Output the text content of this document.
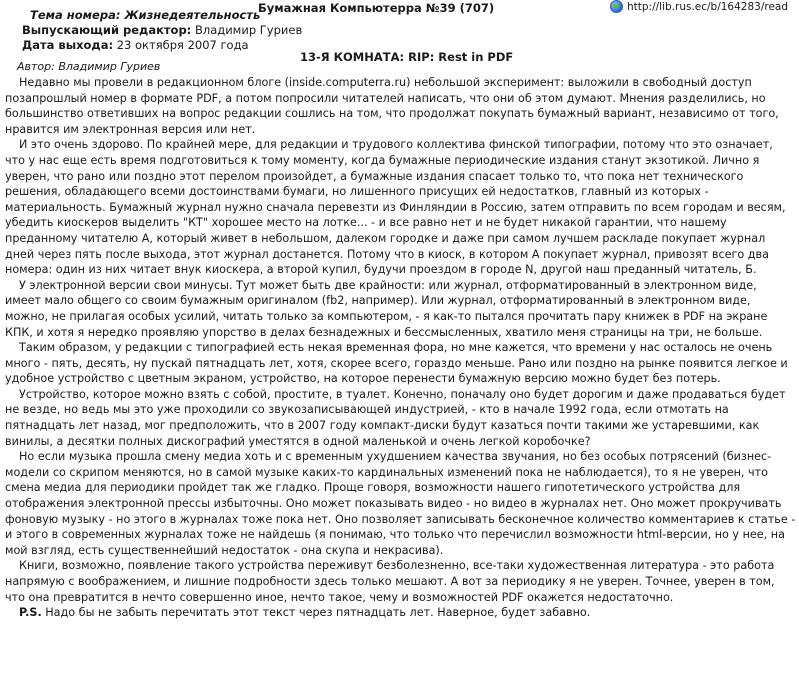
Тема номера: Жизнедеятельность
Выпускающий редактор: Владимир Гуриев
Дата выхода: 23 октября 2007 года
Бумажная Компьютерра №39 (707)	http://lib.rus.ec/b/164283/read
13-Я КОМНАТА: RIP: Rest in PDF
Автор: Владимир Гуриев

Недавно мы провели в редакционном блоге (inside.computerra.ru) небольшой эксперимент: выложили в свободный доступ позапрошлый номер в формате PDF, а потом попросили читателей написать, что они об этом думают. Мнения разделились, но большинство ответивших на вопрос редакции сошлись на том, что продолжат покупать бумажный вариант, независимо от того, нравится им электронная версия или нет.

И это очень здорово. По крайней мере, для редакции и трудового коллектива финской типографии, потому что это означает, что у нас еще есть время подготовиться к тому моменту, когда бумажные периодические издания станут экзотикой. Лично я уверен, что рано или поздно этот перелом произойдет, а бумажные издания спасает только то, что пока нет технического решения, обладающего всеми достоинствами бумаги, но лишенного присущих ей недостатков, главный из которых - материальность. Бумажный журнал нужно сначала перевезти из Финляндии в Россию, затем отправить по всем городам и весям, убедить киоскеров выделить "КТ" хорошее место на лотке... - и все равно нет и не будет никакой гарантии, что нашему преданному читателю А, который живет в небольшом, далеком городке и даже при самом лучшем раскладе покупает журнал дней через пять после выхода, этот журнал достанется. Потому что в киоск, в котором А покупает журнал, привозят всего два номера: один из них читает внук киоскера, а второй купил, будучи проездом в городе N, другой наш преданный читатель, Б.

У электронной версии свои минусы. Тут может быть две крайности: или журнал, отформатированный в электронном виде, имеет мало общего со своим бумажным оригиналом (fb2, например). Или журнал, отформатированный в электронном виде, можно, не прилагая особых усилий, читать только за компьютером, - я как-то пытался прочитать пару книжек в PDF на экране КПК, и хотя я нередко проявляю упорство в делах безнадежных и бессмысленных, хватило меня страницы на три, не больше.

Таким образом, у редакции с типографией есть некая временная фора, но мне кажется, что времени у нас осталось не очень много - пять, десять, ну пускай пятнадцать лет, хотя, скорее всего, гораздо меньше. Рано или поздно на рынке появится легкое и удобное устройство с цветным экраном, устройство, на которое перенести бумажную версию можно будет без потерь.

Устройство, которое можно взять с собой, простите, в туалет. Конечно, поначалу оно будет дорогим и даже продаваться будет не везде, но ведь мы это уже проходили со звукозаписывающей индустрией, - кто в начале 1992 года, если отмотать на пятнадцать лет назад, мог предположить, что в 2007 году компакт-диски будут казаться почти такими же устаревшими, как винилы, а десятки полных дискографий уместятся в одной маленькой и очень легкой коробочке?

Но если музыка прошла смену медиа хоть и с временным ухудшением качества звучания, но без особых потрясений (бизнес-модели со скрипом меняются, но в самой музыке каких-то кардинальных изменений пока не наблюдается), то я не уверен, что смена медиа для периодики пройдет так же гладко. Проще говоря, возможности нашего гипотетического устройства для отображения электронной прессы избыточны. Оно может показывать видео - но видео в журналах нет. Оно может прокручивать фоновую музыку - но этого в журналах тоже пока нет. Оно позволяет записывать бесконечное количество комментариев к статье - и этого в современных журналах тоже не найдешь (я понимаю, что только что перечислил возможности html-версии, но у нее, на мой взгляд, есть существеннейший недостаток - она скупа и некрасива).

Книги, возможно, появление такого устройства переживут безболезненно, все-таки художественная литература - это работа напрямую с воображением, и лишние подробности здесь только мешают. А вот за периодику я не уверен. Точнее, уверен в том, что она превратится в нечто совершенно иное, нечто такое, чему и возможностей PDF окажется недостаточно.

P.S. Надо бы не забыть перечитать этот текст через пятнадцать лет. Наверное, будет забавно.
